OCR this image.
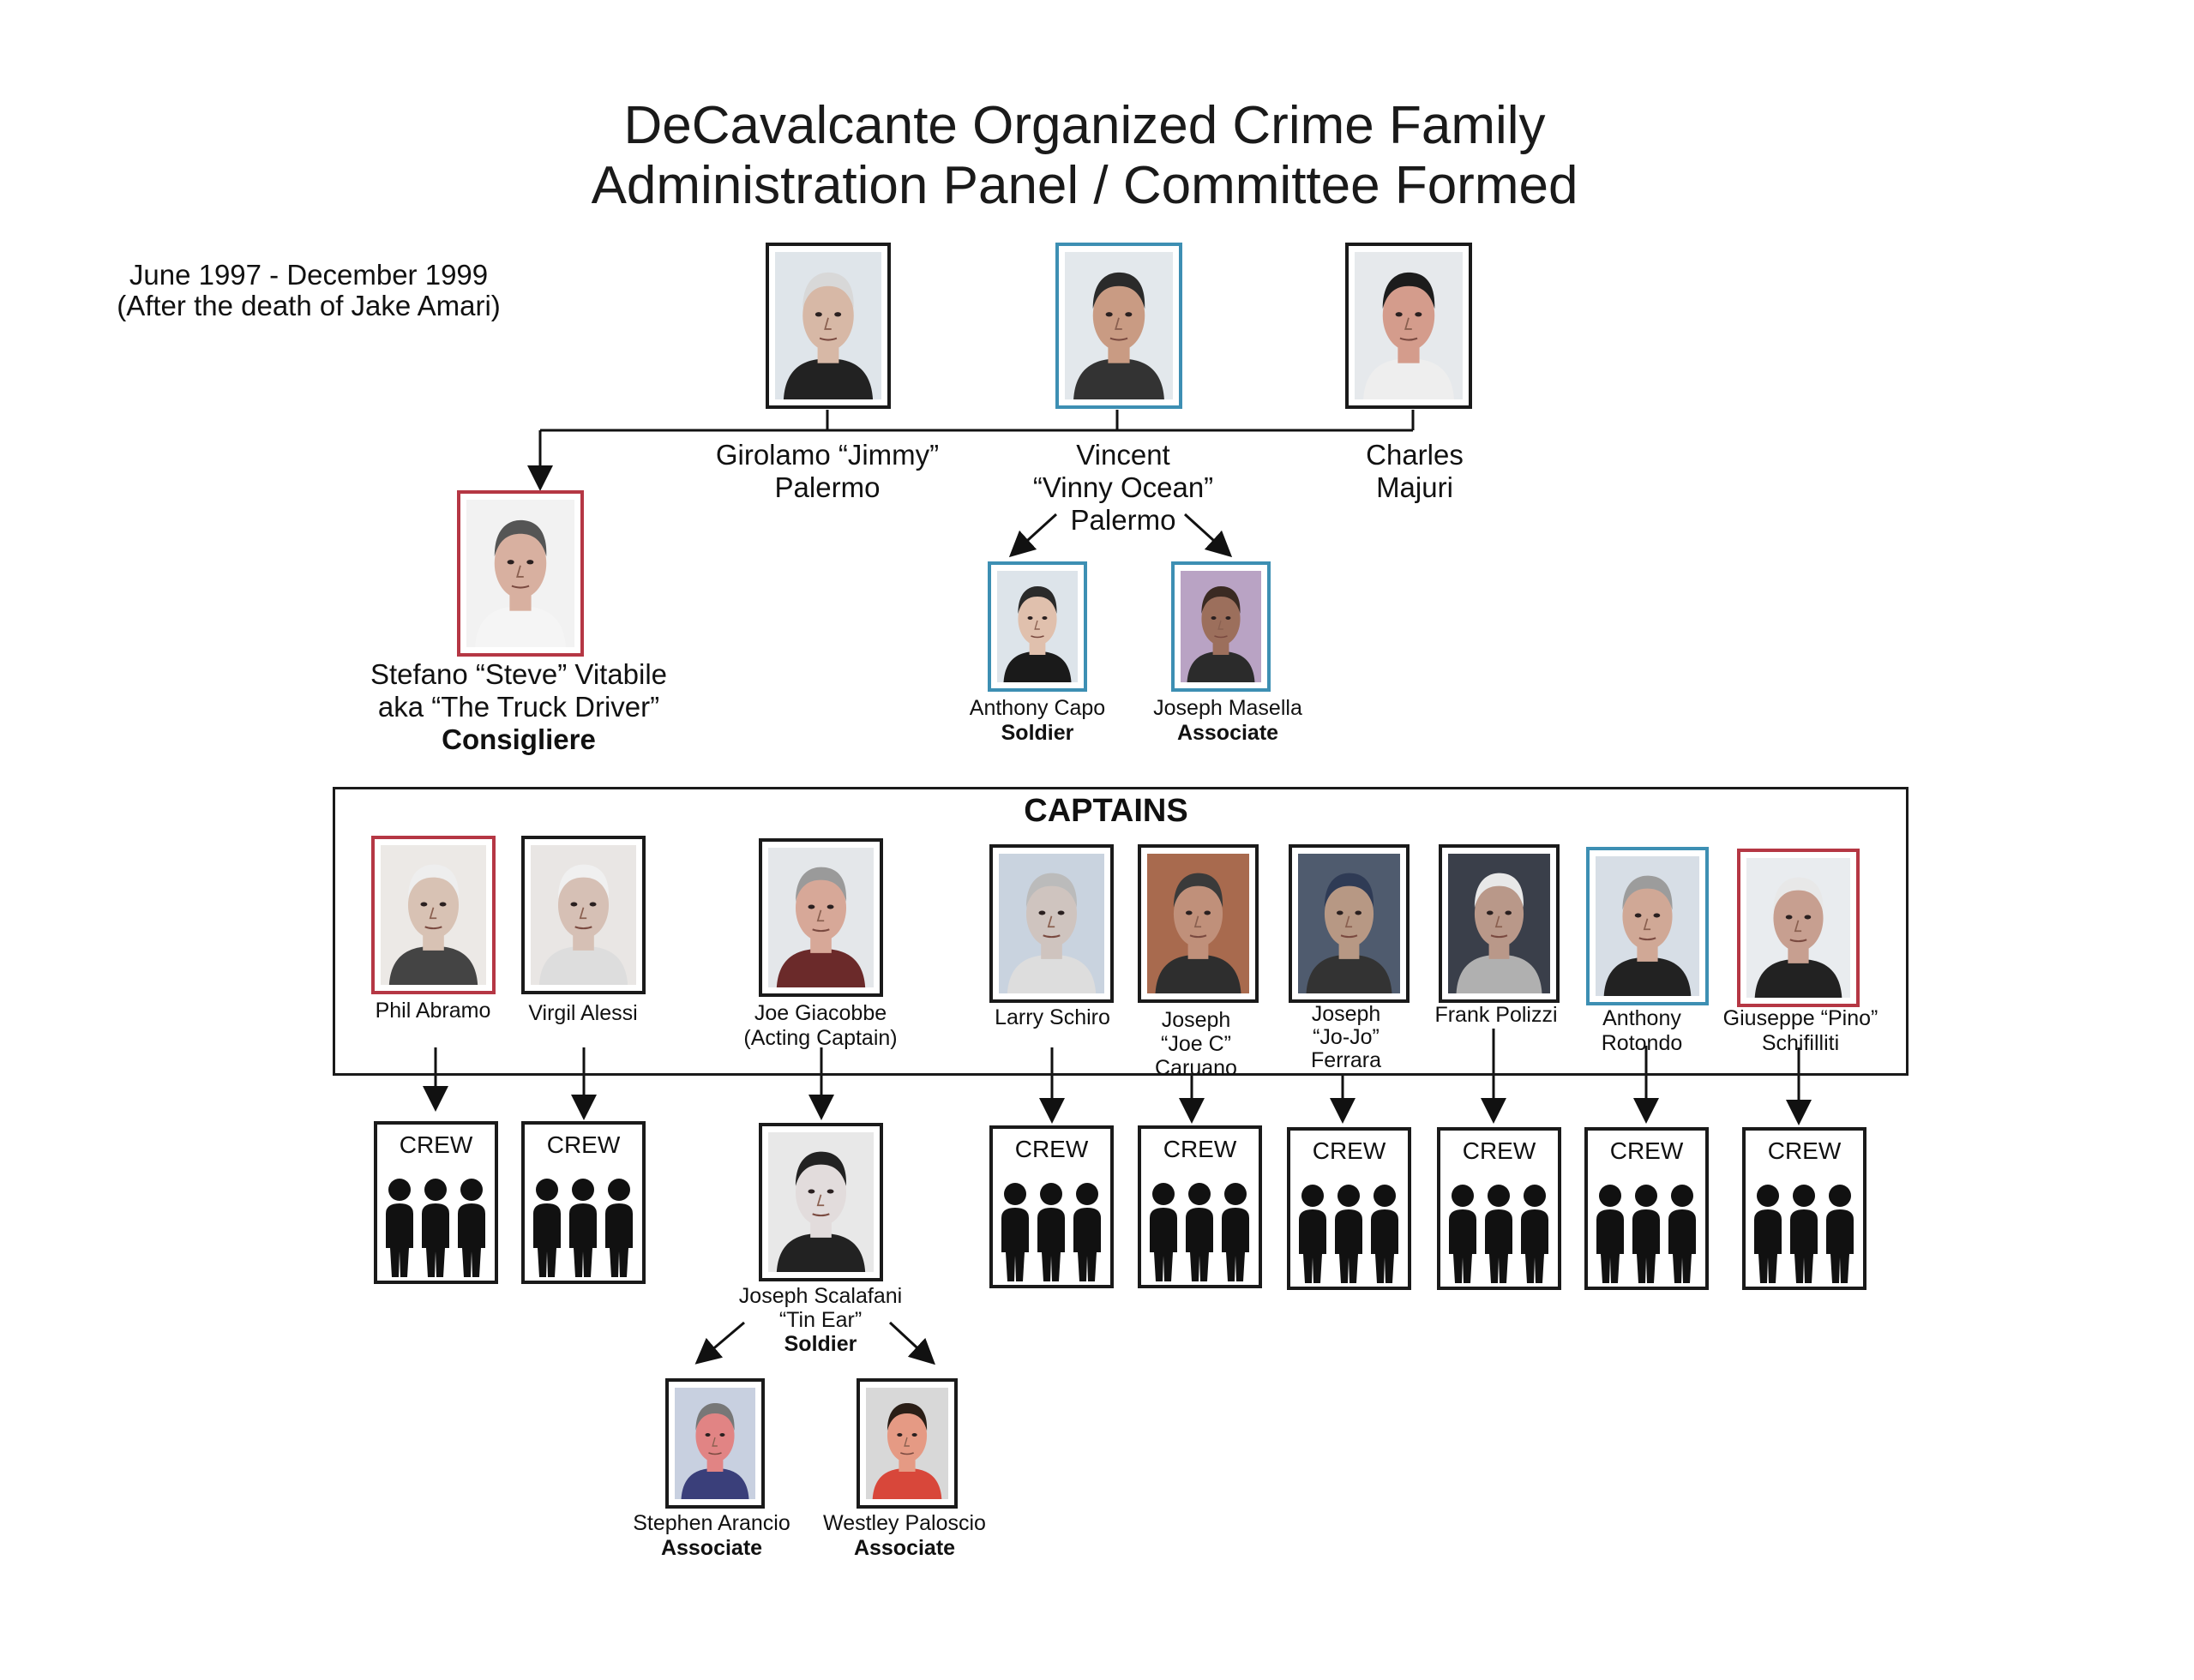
DeCavalcante Organized Crime Family
Administration Panel / Committee Formed
June 1997 - December 1999
(After the death of Jake Amari)
Girolamo “Jimmy”
Palermo
Vincent
“Vinny Ocean”
Palermo
Charles
Majuri
Stefano “Steve” Vitabile
aka “The Truck Driver”

Consigliere
Anthony Capo

Soldier
Joseph Masella

Associate
CAPTAINS
Phil Abramo	Virgil Alessi	Joe Giacobbe
(Acting Captain)
Larry Schiro	Joseph
“Joe C”
Caruano
Joseph
“Jo-Jo”
Ferrara
Frank Polizzi	Anthony
Rotondo
Giuseppe “Pino”
Schifilliti
CREW	CREW	CREW	CREW	CREW	CREW	CREW	CREW
Joseph Scalafani
“Tin Ear”

Soldier
Stephen Arancio

Associate
Westley Paloscio

Associate
